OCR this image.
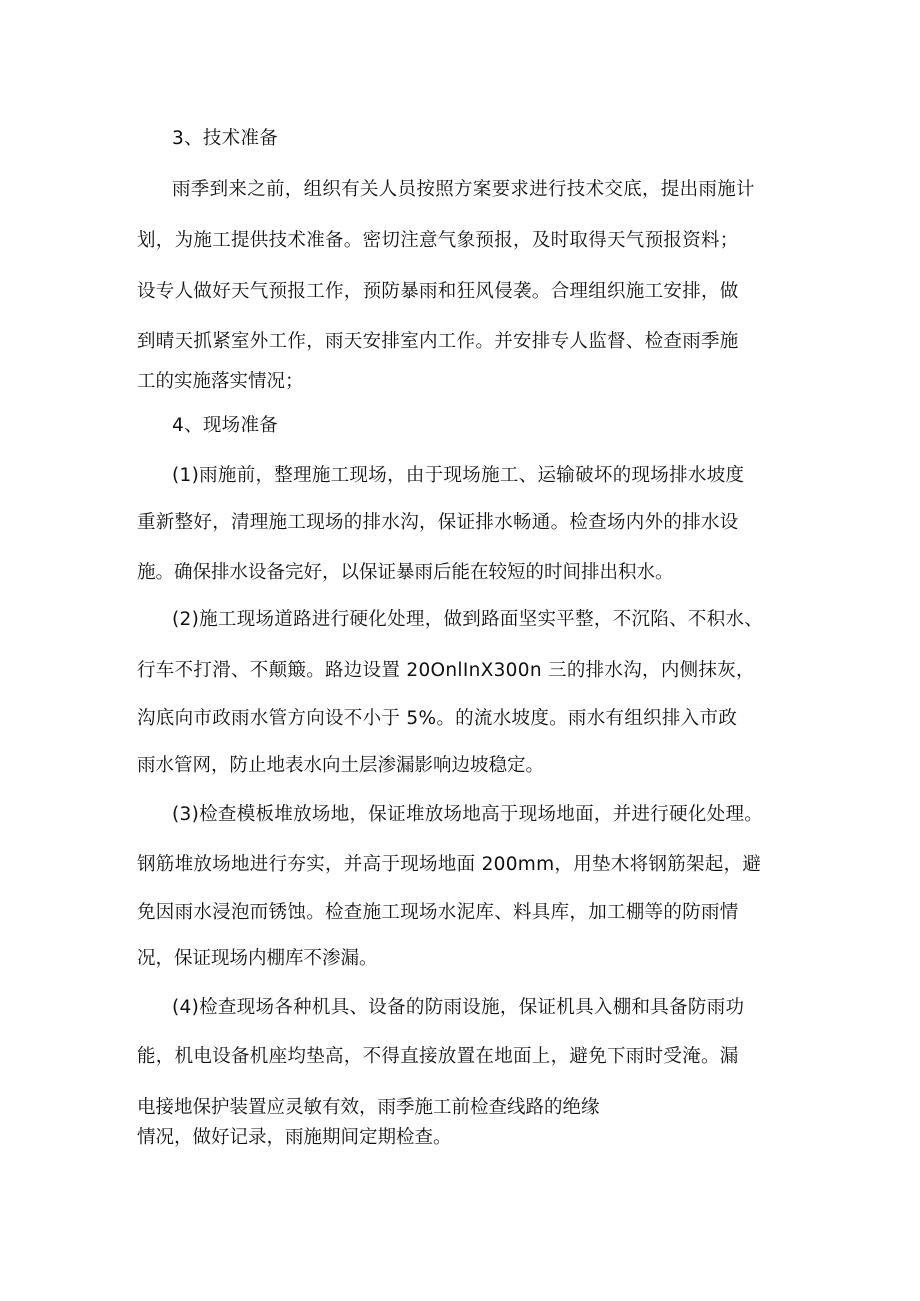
3、技术准备
雨季到来之前，组织有关人员按照方案要求进行技术交底，提出雨施计
划，为施工提供技术准备。密切注意气象预报，及时取得天气预报资料；
设专人做好天气预报工作，预防暴雨和狂风侵袭。合理组织施工安排，做
到晴天抓紧室外工作，雨天安排室内工作。并安排专人监督、检查雨季施
工的实施落实情况；
4、现场准备
(1)雨施前，整理施工现场，由于现场施工、运输破坏的现场排水坡度
重新整好，清理施工现场的排水沟，保证排水畅通。检查场内外的排水设
施。确保排水设备完好，以保证暴雨后能在较短的时间排出积水。
(2)施工现场道路进行硬化处理，做到路面坚实平整，不沉陷、不积水、
行车不打滑、不颠簸。路边设置 20OnlInX300n 三的排水沟，内侧抹灰，
沟底向市政雨水管方向设不小于 5%。的流水坡度。雨水有组织排入市政
雨水管网，防止地表水向土层渗漏影响边坡稳定。
(3)检查模板堆放场地，保证堆放场地高于现场地面，并进行硬化处理。
钢筋堆放场地进行夯实，并高于现场地面 200mm，用垫木将钢筋架起，避
免因雨水浸泡而锈蚀。检查施工现场水泥库、料具库，加工棚等的防雨情
况，保证现场内棚库不渗漏。
(4)检查现场各种机具、设备的防雨设施，保证机具入棚和具备防雨功
能，机电设备机座均垫高，不得直接放置在地面上，避免下雨时受淹。漏
电接地保护装置应灵敏有效，雨季施工前检查线路的绝缘
情况，做好记录，雨施期间定期检查。
